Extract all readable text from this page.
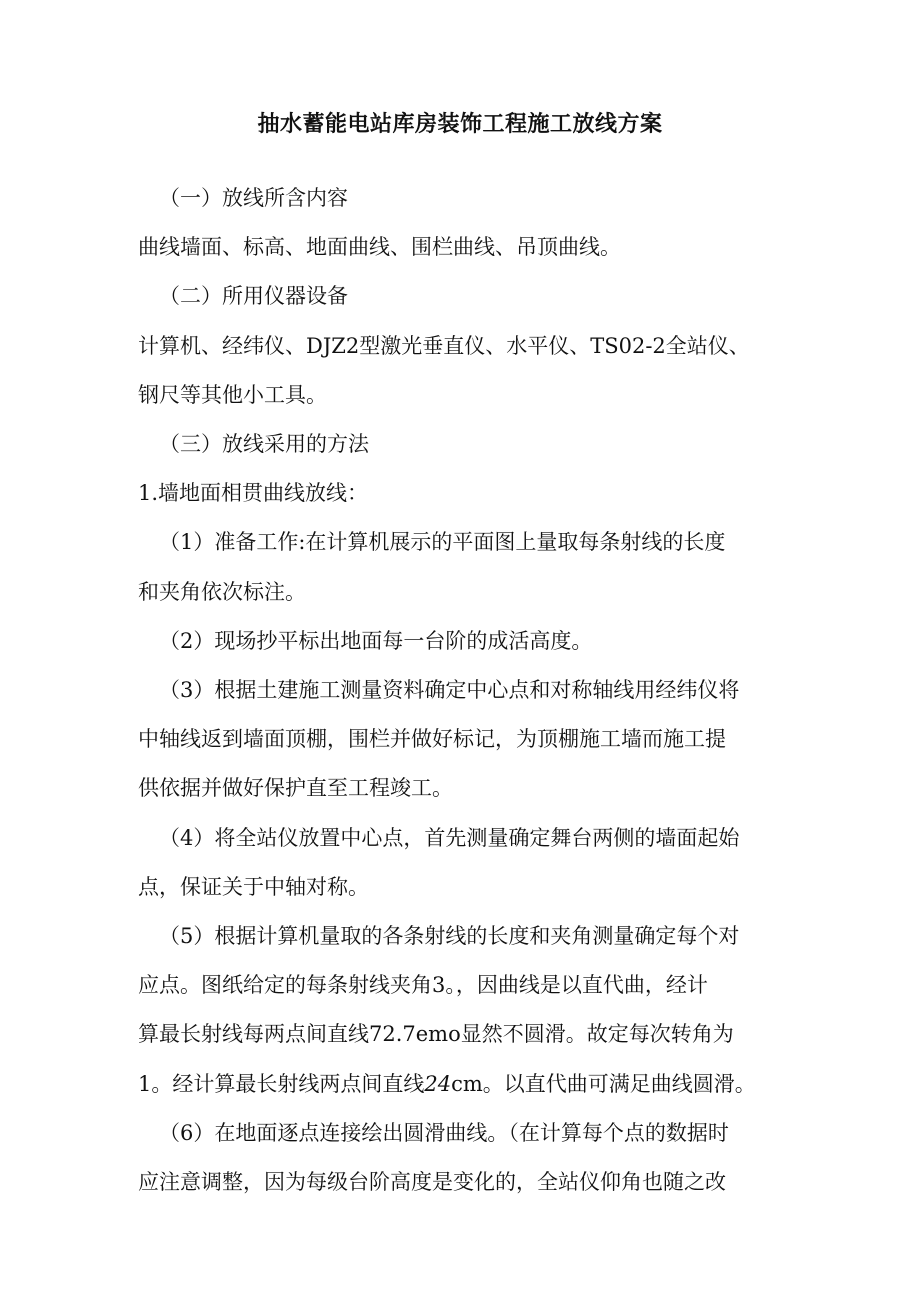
抽水蓄能电站库房装饰工程施工放线方案
（一）放线所含内容
曲线墙面、标高、地面曲线、围栏曲线、吊顶曲线。
（二）所用仪器设备
计算机、经纬仪、DJZ2型激光垂直仪、水平仪、TS02-2全站仪、
钢尺等其他小工具。
（三）放线采用的方法
1.墙地面相贯曲线放线：
（1）准备工作:在计算机展示的平面图上量取每条射线的长度
和夹角依次标注。
（2）现场抄平标出地面每一台阶的成活高度。
（3）根据土建施工测量资料确定中心点和对称轴线用经纬仪将
中轴线返到墙面顶棚，围栏并做好标记，为顶棚施工墙而施工提
供依据并做好保护直至工程竣工。
（4）将全站仪放置中心点，首先测量确定舞台两侧的墙面起始
点，保证关于中轴对称。
（5）根据计算机量取的各条射线的长度和夹角测量确定每个对
应点。图纸给定的每条射线夹角3。，因曲线是以直代曲，经计
算最长射线每两点间直线72.7emo显然不圆滑。故定每次转角为
1。经计算最长射线两点间直线24cm。以直代曲可满足曲线圆滑。
（6）在地面逐点连接绘出圆滑曲线。（在计算每个点的数据时
应注意调整，因为每级台阶高度是变化的，全站仪仰角也随之改
